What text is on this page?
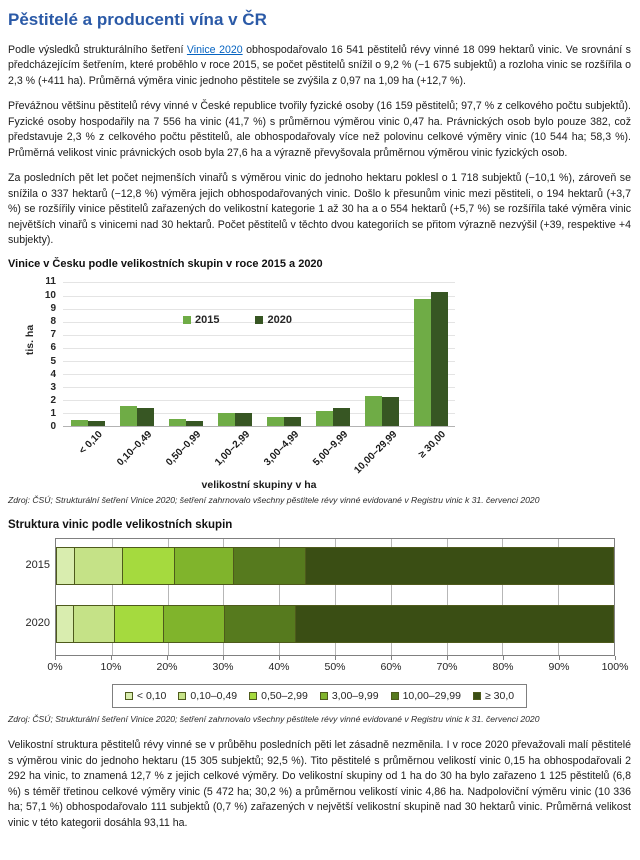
Pěstitelé a producenti vína v ČR

Podle výsledků strukturálního šetření Vinice 2020 obhospodařovalo 16 541 pěstitelů révy vinné 18 099 hektarů vinic. Ve srovnání s předcházejícím šetřením, které proběhlo v roce 2015, se počet pěstitelů snížil o 9,2 % (−1 675 subjektů) a rozloha vinic se rozšířila o 2,3 % (+411 ha). Průměrná výměra vinic jednoho pěstitele se zvýšila z 0,97 na 1,09 ha (+12,7 %).

Převážnou většinu pěstitelů révy vinné v České republice tvořily fyzické osoby (16 159 pěstitelů; 97,7 % z celkového počtu subjektů). Fyzické osoby hospodařily na 7 556 ha vinic (41,7 %) s průměrnou výměrou vinic 0,47 ha. Právnických osob bylo pouze 382, což představuje 2,3 % z celkového počtu pěstitelů, ale obhospodařovaly více než polovinu celkové výměry vinic (10 544 ha; 58,3 %). Průměrná velikost vinic právnických osob byla 27,6 ha a výrazně převyšovala průměrnou výměrou vinic fyzických osob.

Za posledních pět let počet nejmenších vinařů s výměrou vinic do jednoho hektaru poklesl o 1 718 subjektů (−10,1 %), zároveň se snížila o 337 hektarů (−12,8 %) výměra jejich obhospodařovaných vinic. Došlo k přesunům vinic mezi pěstiteli, o 194 hektarů (+3,7 %) se rozšířily vinice pěstitelů zařazených do velikostní kategorie 1 až 30 ha a o 554 hektarů (+5,7 %) se rozšířila také výměra vinic největších vinařů s vinicemi nad 30 hektarů. Počet pěstitelů v těchto dvou kategoriích se přitom výrazně nezvýšil (+39, respektive +4 subjekty).

Vinice v Česku podle velikostních skupin v roce 2015 a 2020
tis. ha
0
1
2
3
4
5
6
7
8
9
10
11
< 0,10 0,10–0,49 0,50–0,99 1,00–2,99 3,00–4,99 5,00–9,99 10,00–29,99 ≥ 30,00
2015	2020
velikostní skupiny v ha
Zdroj: ČSÚ; Strukturální šetření Vinice 2020; šetření zahrnovalo všechny pěstitele révy vinné evidované v Registru vinic k 31. červenci 2020
Struktura vinic podle velikostních skupin
2015
2020
0%	10%	20%	30%	40%	50%	60%	70%	80%	90%	100%
< 0,10 0,10–0,49 0,50–2,99 3,00–9,99 10,00–29,99 ≥ 30,0
Zdroj: ČSÚ; Strukturální šetření Vinice 2020; šetření zahrnovalo všechny pěstitele révy vinné evidované v Registru vinic k 31. červenci 2020

Velikostní struktura pěstitelů révy vinné se v průběhu posledních pěti let zásadně nezměnila. I v roce 2020 převažovali malí pěstitelé s výměrou vinic do jednoho hektaru (15 305 subjektů; 92,5 %). Tito pěstitelé s průměrnou velikostí vinic 0,15 ha obhospodařovali 2 292 ha vinic, to znamená 12,7 % z jejich celkové výměry. Do velikostní skupiny od 1 ha do 30 ha bylo zařazeno 1 125 pěstitelů (6,8 %) s téměř třetinou celkové výměry vinic (5 472 ha; 30,2 %) a průměrnou velikostí vinic 4,86 ha. Nadpoloviční výměru vinic (10 336 ha; 57,1 %) obhospodařovalo 111 subjektů (0,7 %) zařazených v největší velikostní skupině nad 30 hektarů vinic. Průměrná velikost vinic v této kategorii dosáhla 93,11 ha.
